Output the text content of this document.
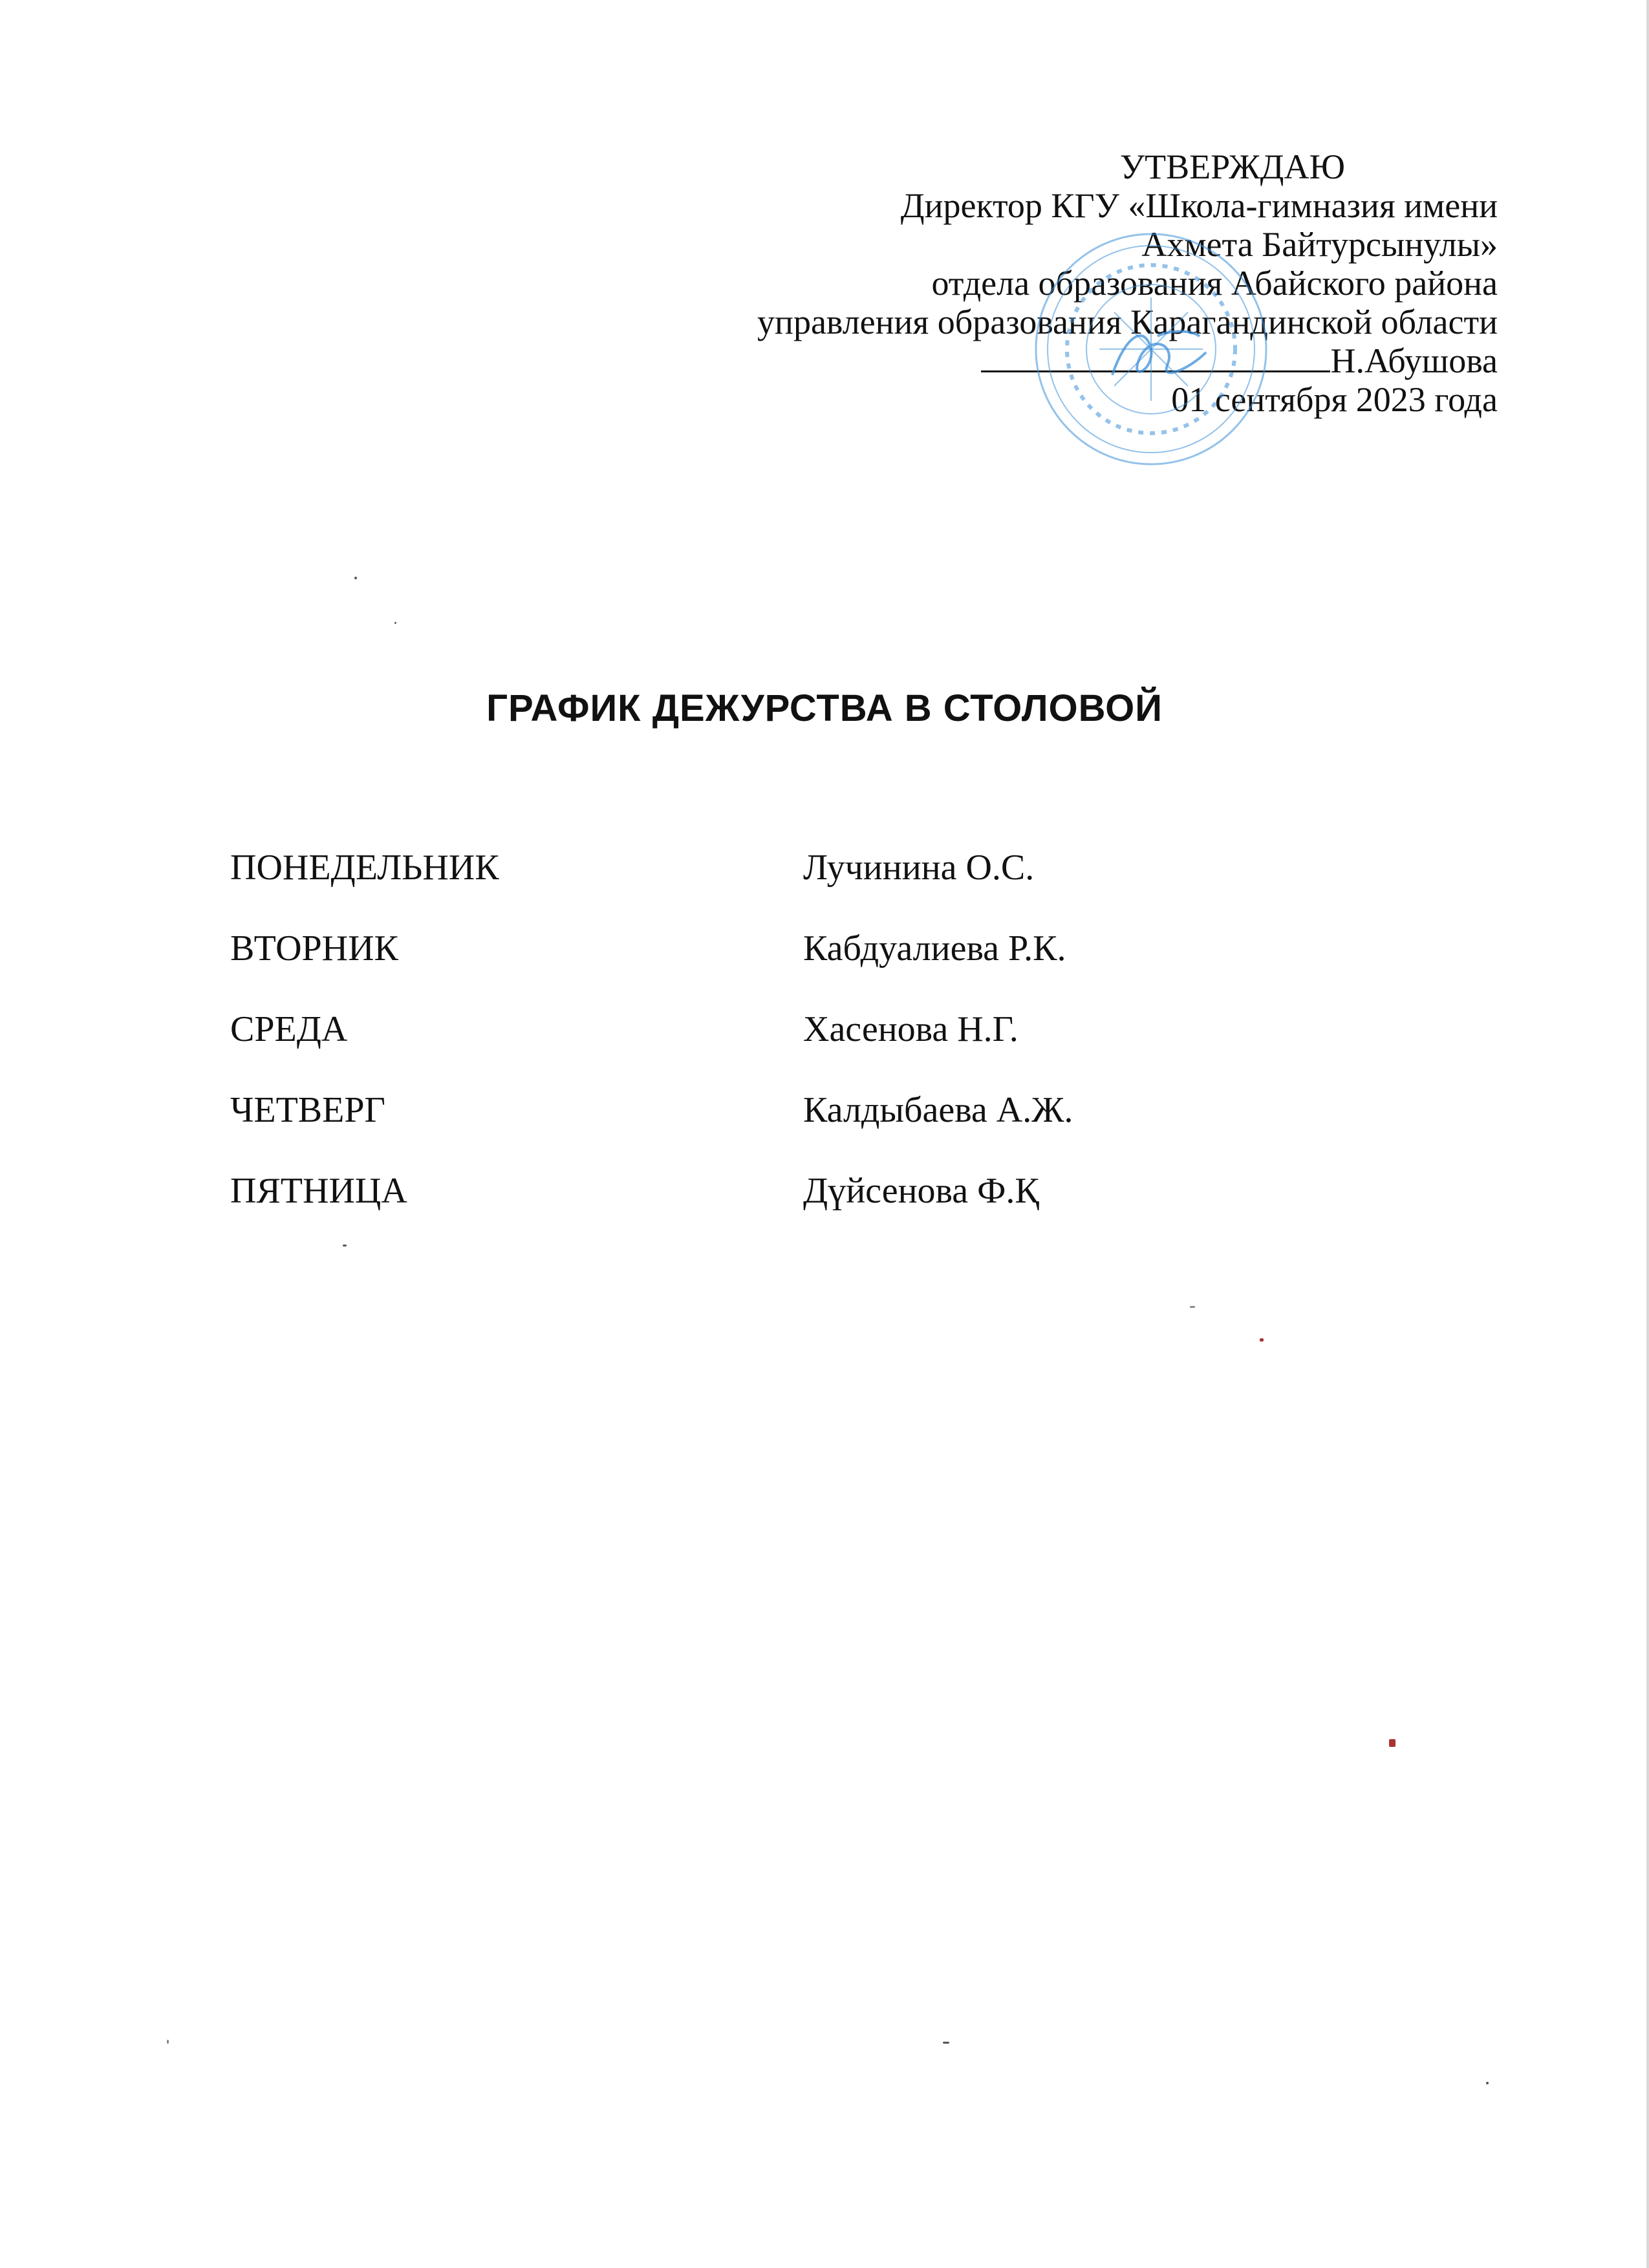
УТВЕРЖДАЮ
Директор КГУ «Школа-гимназия имени
Ахмета Байтурсынулы»
отдела образования Абайского района
управления образования Карагандинской области
Н.Абушова
01 сентября 2023 года
ГРАФИК ДЕЖУРСТВА В СТОЛОВОЙ
ПОНЕДЕЛЬНИК	Лучинина О.С.
ВТОРНИК	Кабдуалиева Р.К.
СРЕДА	Хасенова Н.Г.
ЧЕТВЕРГ	Калдыбаева А.Ж.
ПЯТНИЦА	Дүйсенова Ф.Қ
